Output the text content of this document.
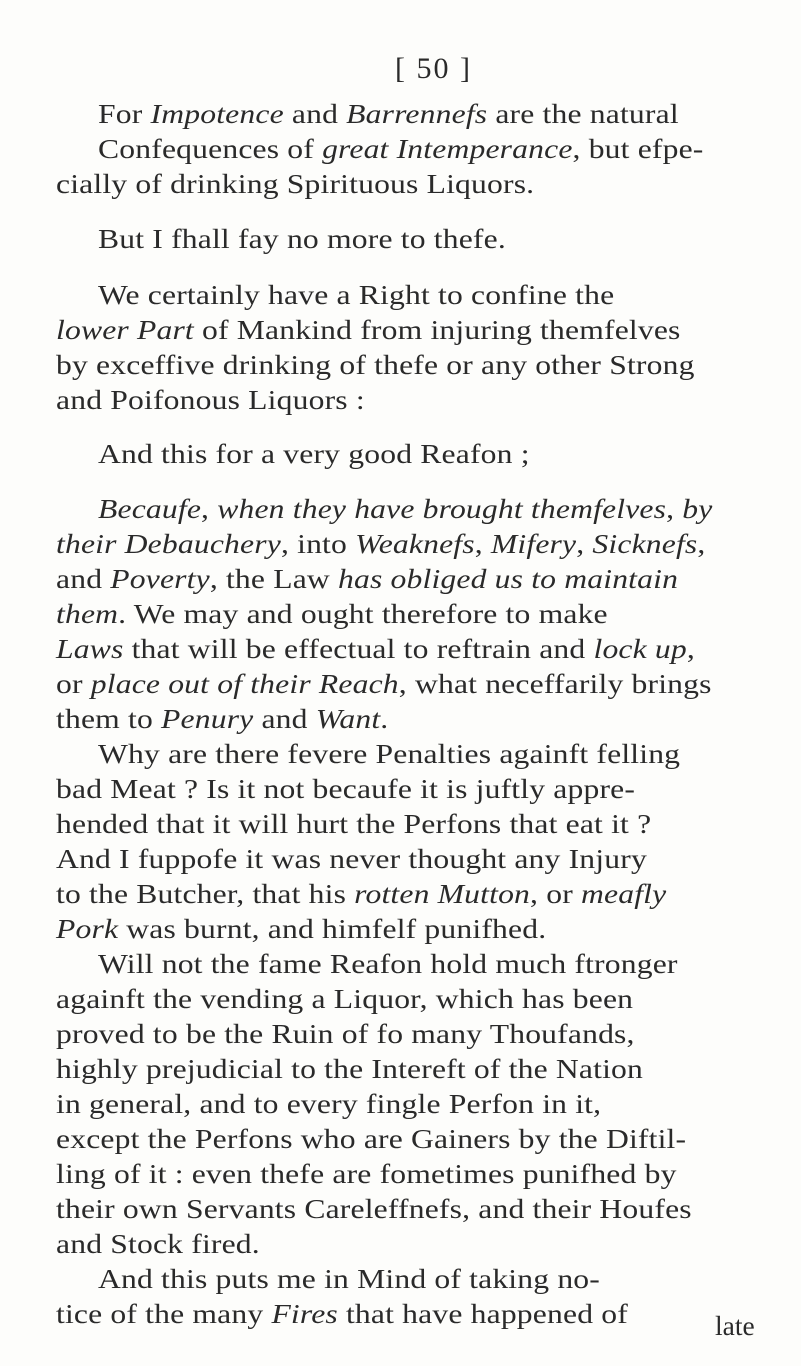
[ 50 ]
For Impotence and Barrennefs are the natural
Confequences of great Intemperance, but efpe-
cially of drinking Spirituous Liquors.
But I fhall fay no more to thefe.
We certainly have a Right to confine the
lower Part of Mankind from injuring themfelves
by exceffive drinking of thefe or any other Strong
and Poifonous Liquors :
And this for a very good Reafon ;
Becaufe, when they have brought themfelves, by
their Debauchery, into Weaknefs, Mifery, Sicknefs,
and Poverty, the Law has obliged us to maintain
them. We may and ought therefore to make
Laws that will be effectual to reftrain and lock up,
or place out of their Reach, what neceffarily brings
them to Penury and Want.
Why are there fevere Penalties againft felling
bad Meat ? Is it not becaufe it is juftly appre-
hended that it will hurt the Perfons that eat it ?
And I fuppofe it was never thought any Injury
to the Butcher, that his rotten Mutton, or meafly
Pork was burnt, and himfelf punifhed.
Will not the fame Reafon hold much ftronger
againft the vending a Liquor, which has been
proved to be the Ruin of fo many Thoufands,
highly prejudicial to the Intereft of the Nation
in general, and to every fingle Perfon in it,
except the Perfons who are Gainers by the Diftil-
ling of it : even thefe are fometimes punifhed by
their own Servants Careleffnefs, and their Houfes
and Stock fired.
And this puts me in Mind of taking no-
tice of the many Fires that have happened of	late
